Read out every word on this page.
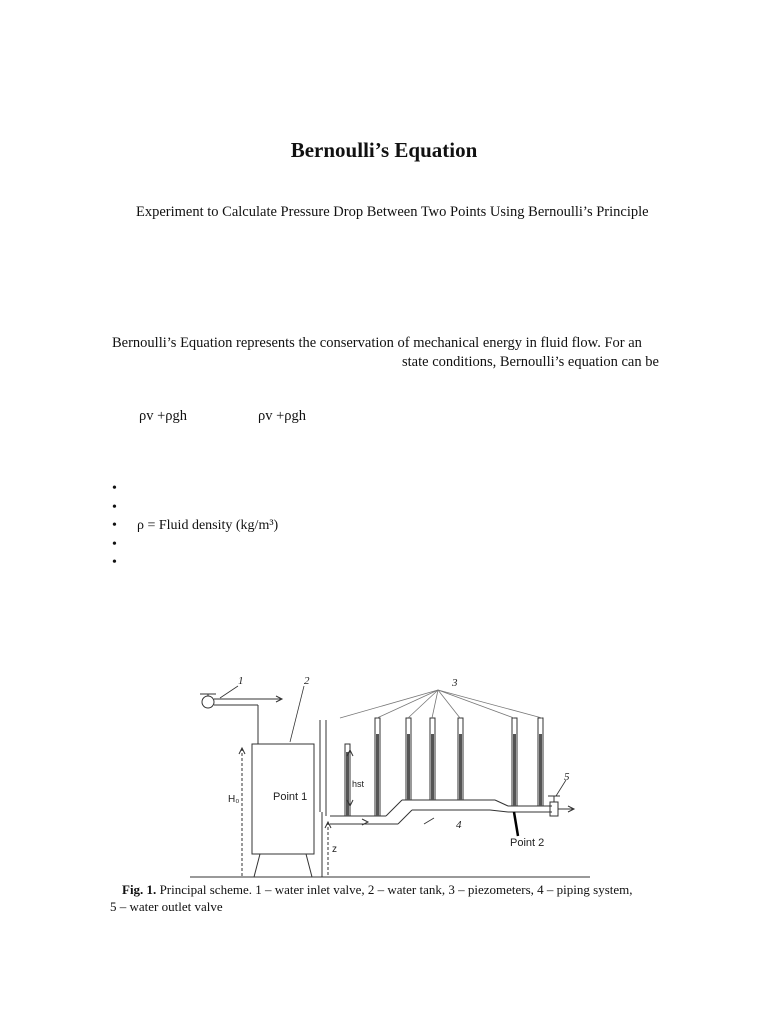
Bernoulli’s Equation
Experiment to Calculate Pressure Drop Between Two Points Using Bernoulli’s Principle
Bernoulli’s Equation represents the conservation of mechanical energy in fluid flow. For an
state conditions, Bernoulli’s equation can be
ρv +ρgh	ρv +ρgh
•
•
• ρ = Fluid density (kg/m³)
•
•
1	2	3
4
5
H₀
hst
z
Point 1
Point 2
Fig. 1. Principal scheme. 1 – water inlet valve, 2 – water tank, 3 – piezometers, 4 – piping system,
5 – water outlet valve
